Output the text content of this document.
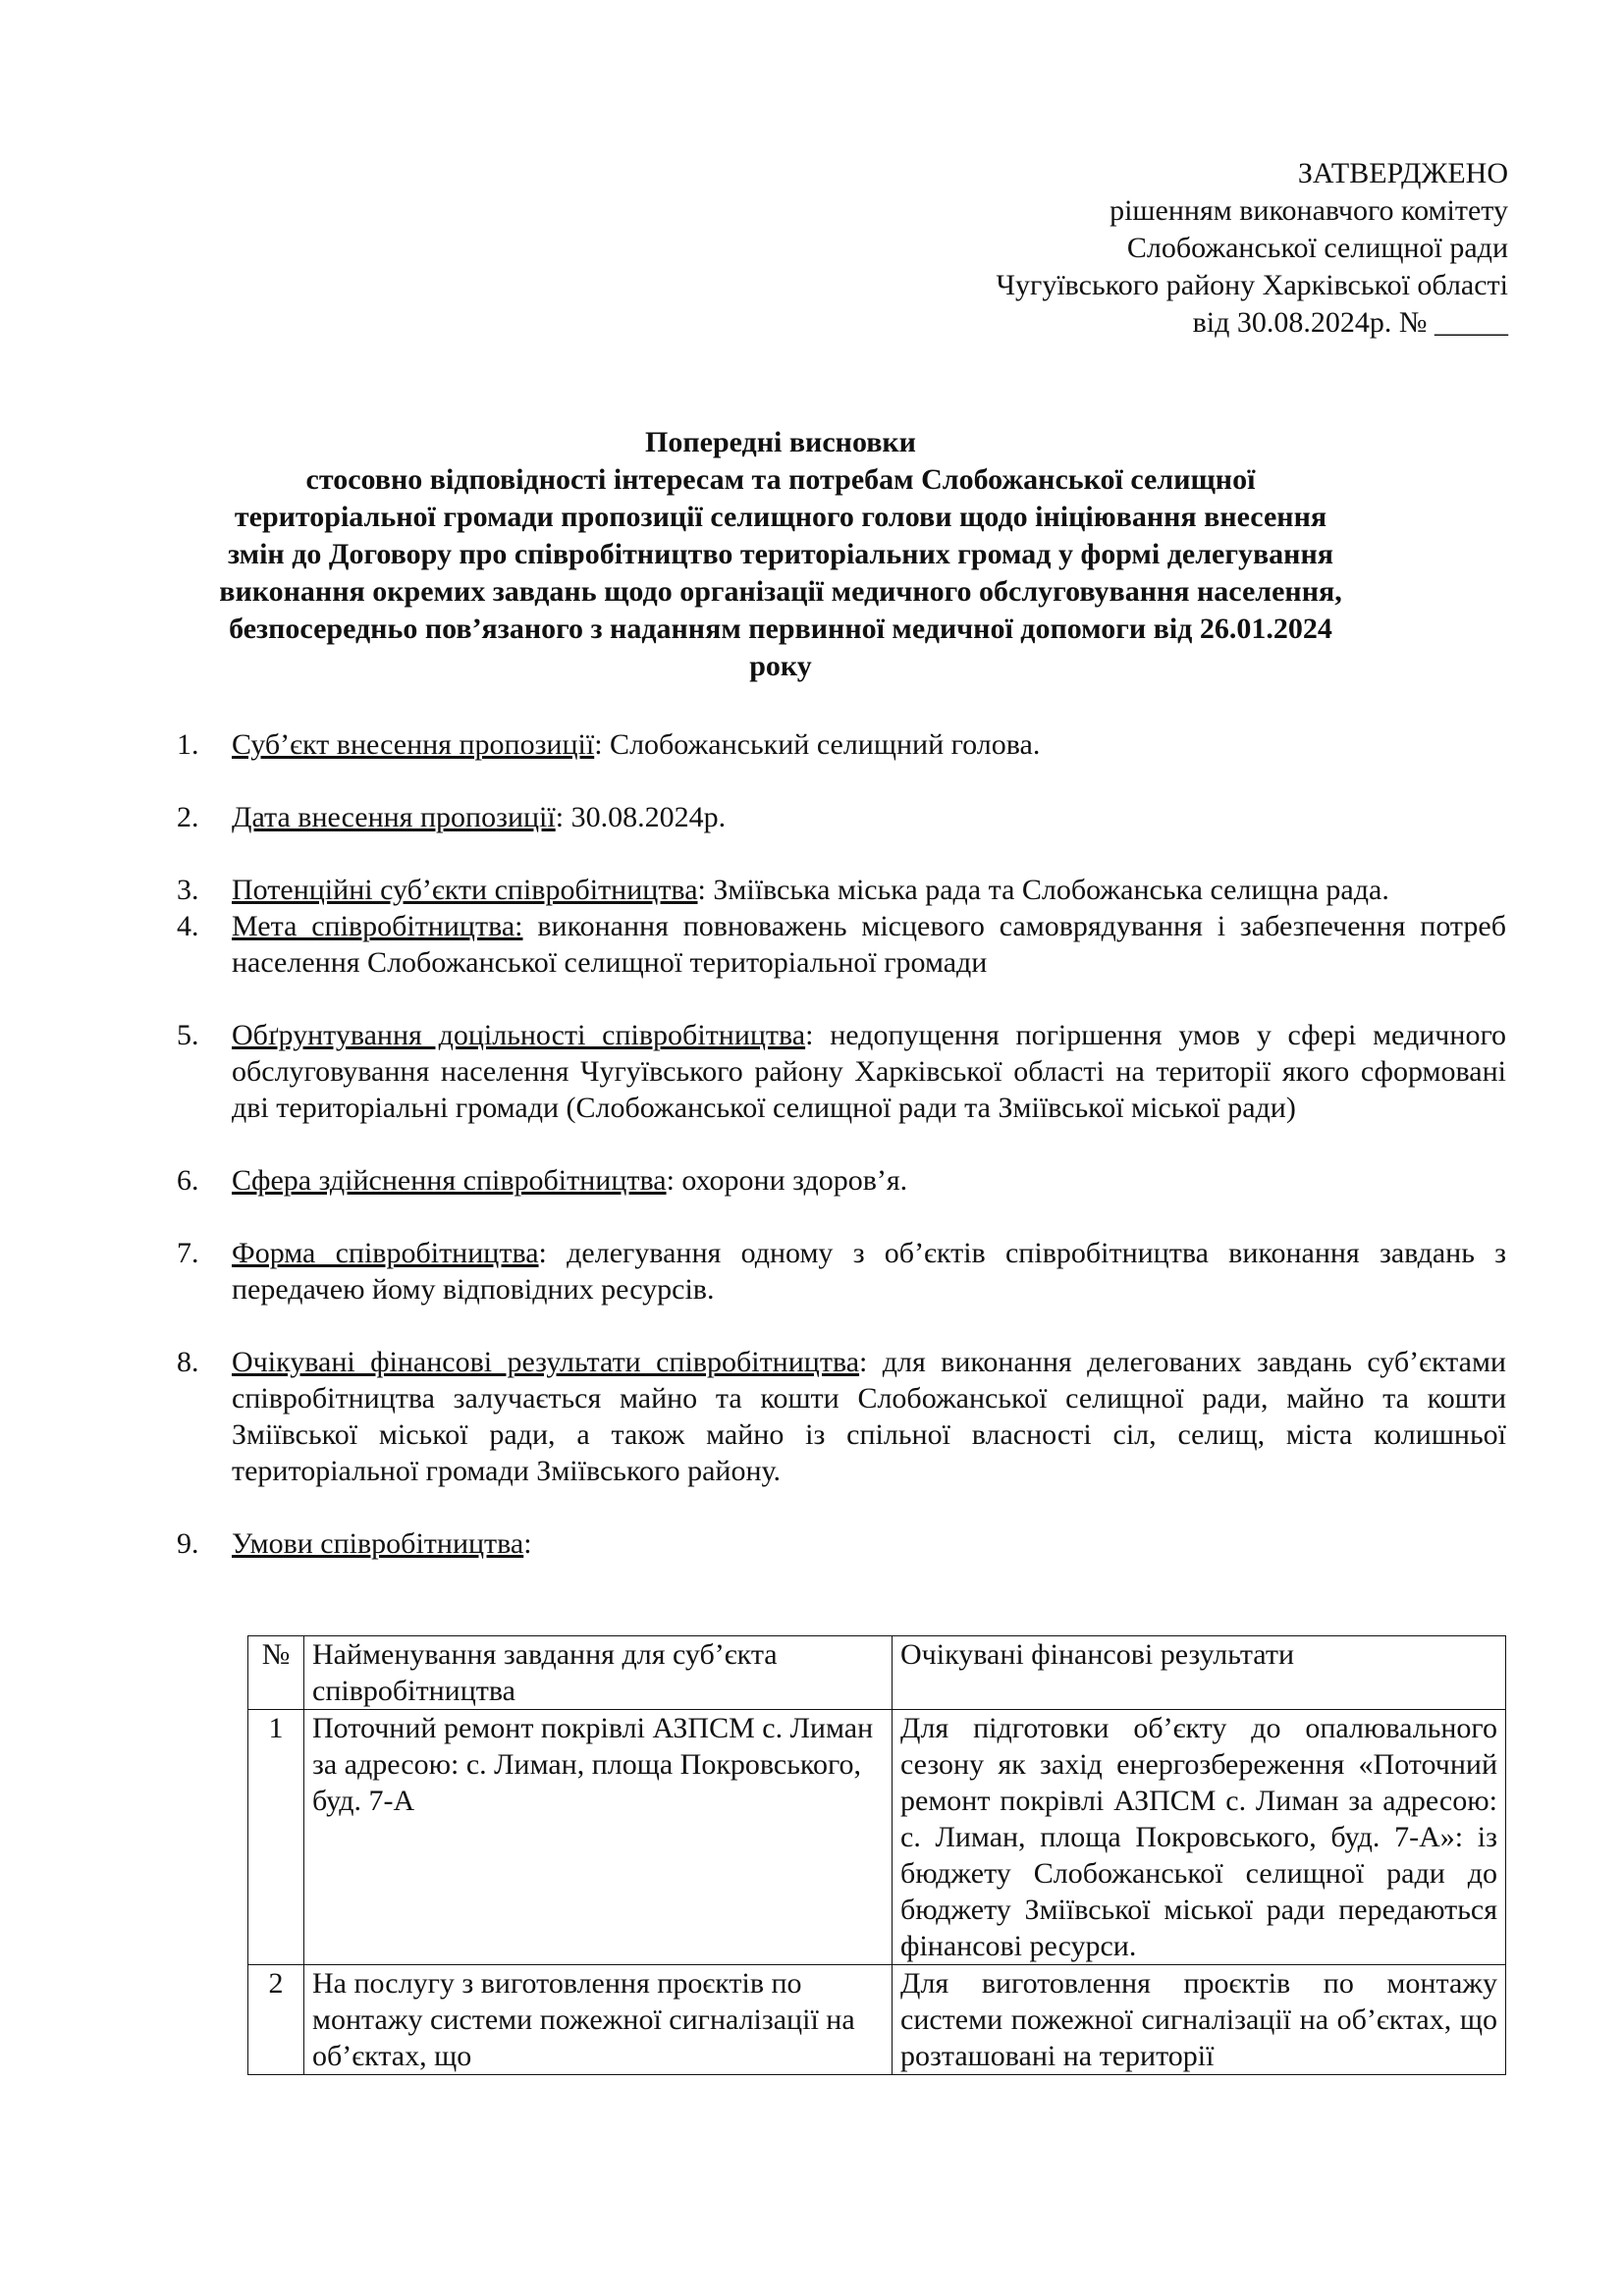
ЗАТВЕРДЖЕНО
рішенням виконавчого комітету
Слобожанської селищної ради
Чугуївського району Харківської області
від 30.08.2024р. № _____
Попередні висновки
стосовно відповідності інтересам та потребам Слобожанської селищної
територіальної громади пропозиції селищного голови щодо ініціювання внесення
змін до Договору про співробітництво територіальних громад у формі делегування
виконання окремих завдань щодо організації медичного обслуговування населення,
безпосередньо пов’язаного з наданням первинної медичної допомоги від 26.01.2024
року
1. Суб’єкт внесення пропозиції: Слобожанський селищний голова.
2. Дата внесення пропозиції: 30.08.2024р.
3. Потенційні суб’єкти співробітництва: Зміївська міська рада та Слобожанська селищна рада.
4. Мета співробітництва: виконання повноважень місцевого самоврядування і забезпечення потреб населення Слобожанської селищної територіальної громади
5. Обґрунтування доцільності співробітництва: недопущення погіршення умов у сфері медичного обслуговування населення Чугуївського району Харківської області на території якого сформовані дві територіальні громади (Слобожанської селищної ради та Зміївської міської ради)
6. Сфера здійснення співробітництва: охорони здоров’я.
7. Форма співробітництва: делегування одному з об’єктів співробітництва виконання завдань з передачею йому відповідних ресурсів.
8. Очікувані фінансові результати співробітництва: для виконання делегованих завдань суб’єктами співробітництва залучається майно та кошти Слобожанської селищної ради, майно та кошти Зміївської міської ради, а також майно із спільної власності сіл, селищ, міста колишньої територіальної громади Зміївського району.
9. Умови співробітництва:
№	Найменування завдання для суб’єкта співробітництва	Очікувані фінансові результати
1	Поточний ремонт покрівлі АЗПСМ с. Лиман за адресою: с. Лиман, площа Покровського, буд. 7-А	Для підготовки об’єкту до опалювального сезону як захід енергозбереження «Поточний ремонт покрівлі АЗПСМ с. Лиман за адресою: с. Лиман, площа Покровського, буд. 7-А»: із бюджету Слобожанської селищної ради до бюджету Зміївської міської ради передаються фінансові ресурси.
2	На послугу з виготовлення проєктів по монтажу системи пожежної сигналізації на об’єктах, що	Для виготовлення проєктів по монтажу системи пожежної сигналізації на об’єктах, що розташовані на території
